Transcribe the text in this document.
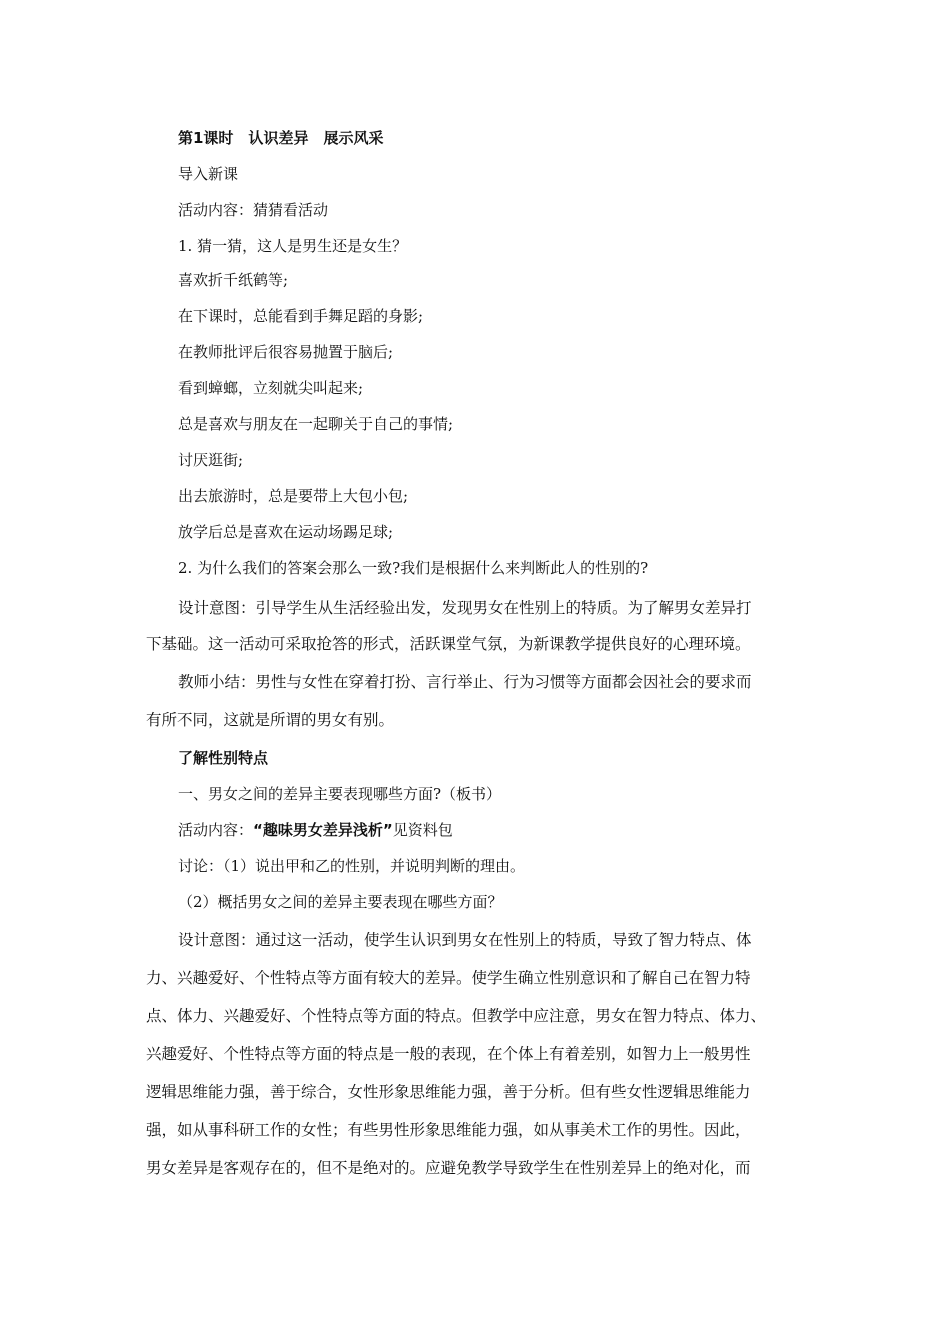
第1课时　认识差异　展示风采
导入新课
活动内容：猜猜看活动
1. 猜一猜，这人是男生还是女生？
喜欢折千纸鹤等;
在下课时，总能看到手舞足蹈的身影;
在教师批评后很容易抛置于脑后;
看到蟑螂，立刻就尖叫起来;
总是喜欢与朋友在一起聊关于自己的事情;
讨厌逛街;
出去旅游时，总是要带上大包小包;
放学后总是喜欢在运动场踢足球;
2. 为什么我们的答案会那么一致?我们是根据什么来判断此人的性别的?
设计意图：引导学生从生活经验出发，发现男女在性别上的特质。为了解男女差异打
下基础。这一活动可采取抢答的形式，活跃课堂气氛，为新课教学提供良好的心理环境。
教师小结：男性与女性在穿着打扮、言行举止、行为习惯等方面都会因社会的要求而
有所不同，这就是所谓的男女有别。
了解性别特点
一、男女之间的差异主要表现哪些方面?（板书）
活动内容：“趣味男女差异浅析”见资料包
讨论：（1）说出甲和乙的性别，并说明判断的理由。
（2）概括男女之间的差异主要表现在哪些方面？
设计意图：通过这一活动，使学生认识到男女在性别上的特质，导致了智力特点、体
力、兴趣爱好、个性特点等方面有较大的差异。使学生确立性别意识和了解自己在智力特
点、体力、兴趣爱好、个性特点等方面的特点。但教学中应注意，男女在智力特点、体力、
兴趣爱好、个性特点等方面的特点是一般的表现，在个体上有着差别，如智力上一般男性
逻辑思维能力强，善于综合，女性形象思维能力强，善于分析。但有些女性逻辑思维能力
强，如从事科研工作的女性；有些男性形象思维能力强，如从事美术工作的男性。因此，
男女差异是客观存在的，但不是绝对的。应避免教学导致学生在性别差异上的绝对化，而
